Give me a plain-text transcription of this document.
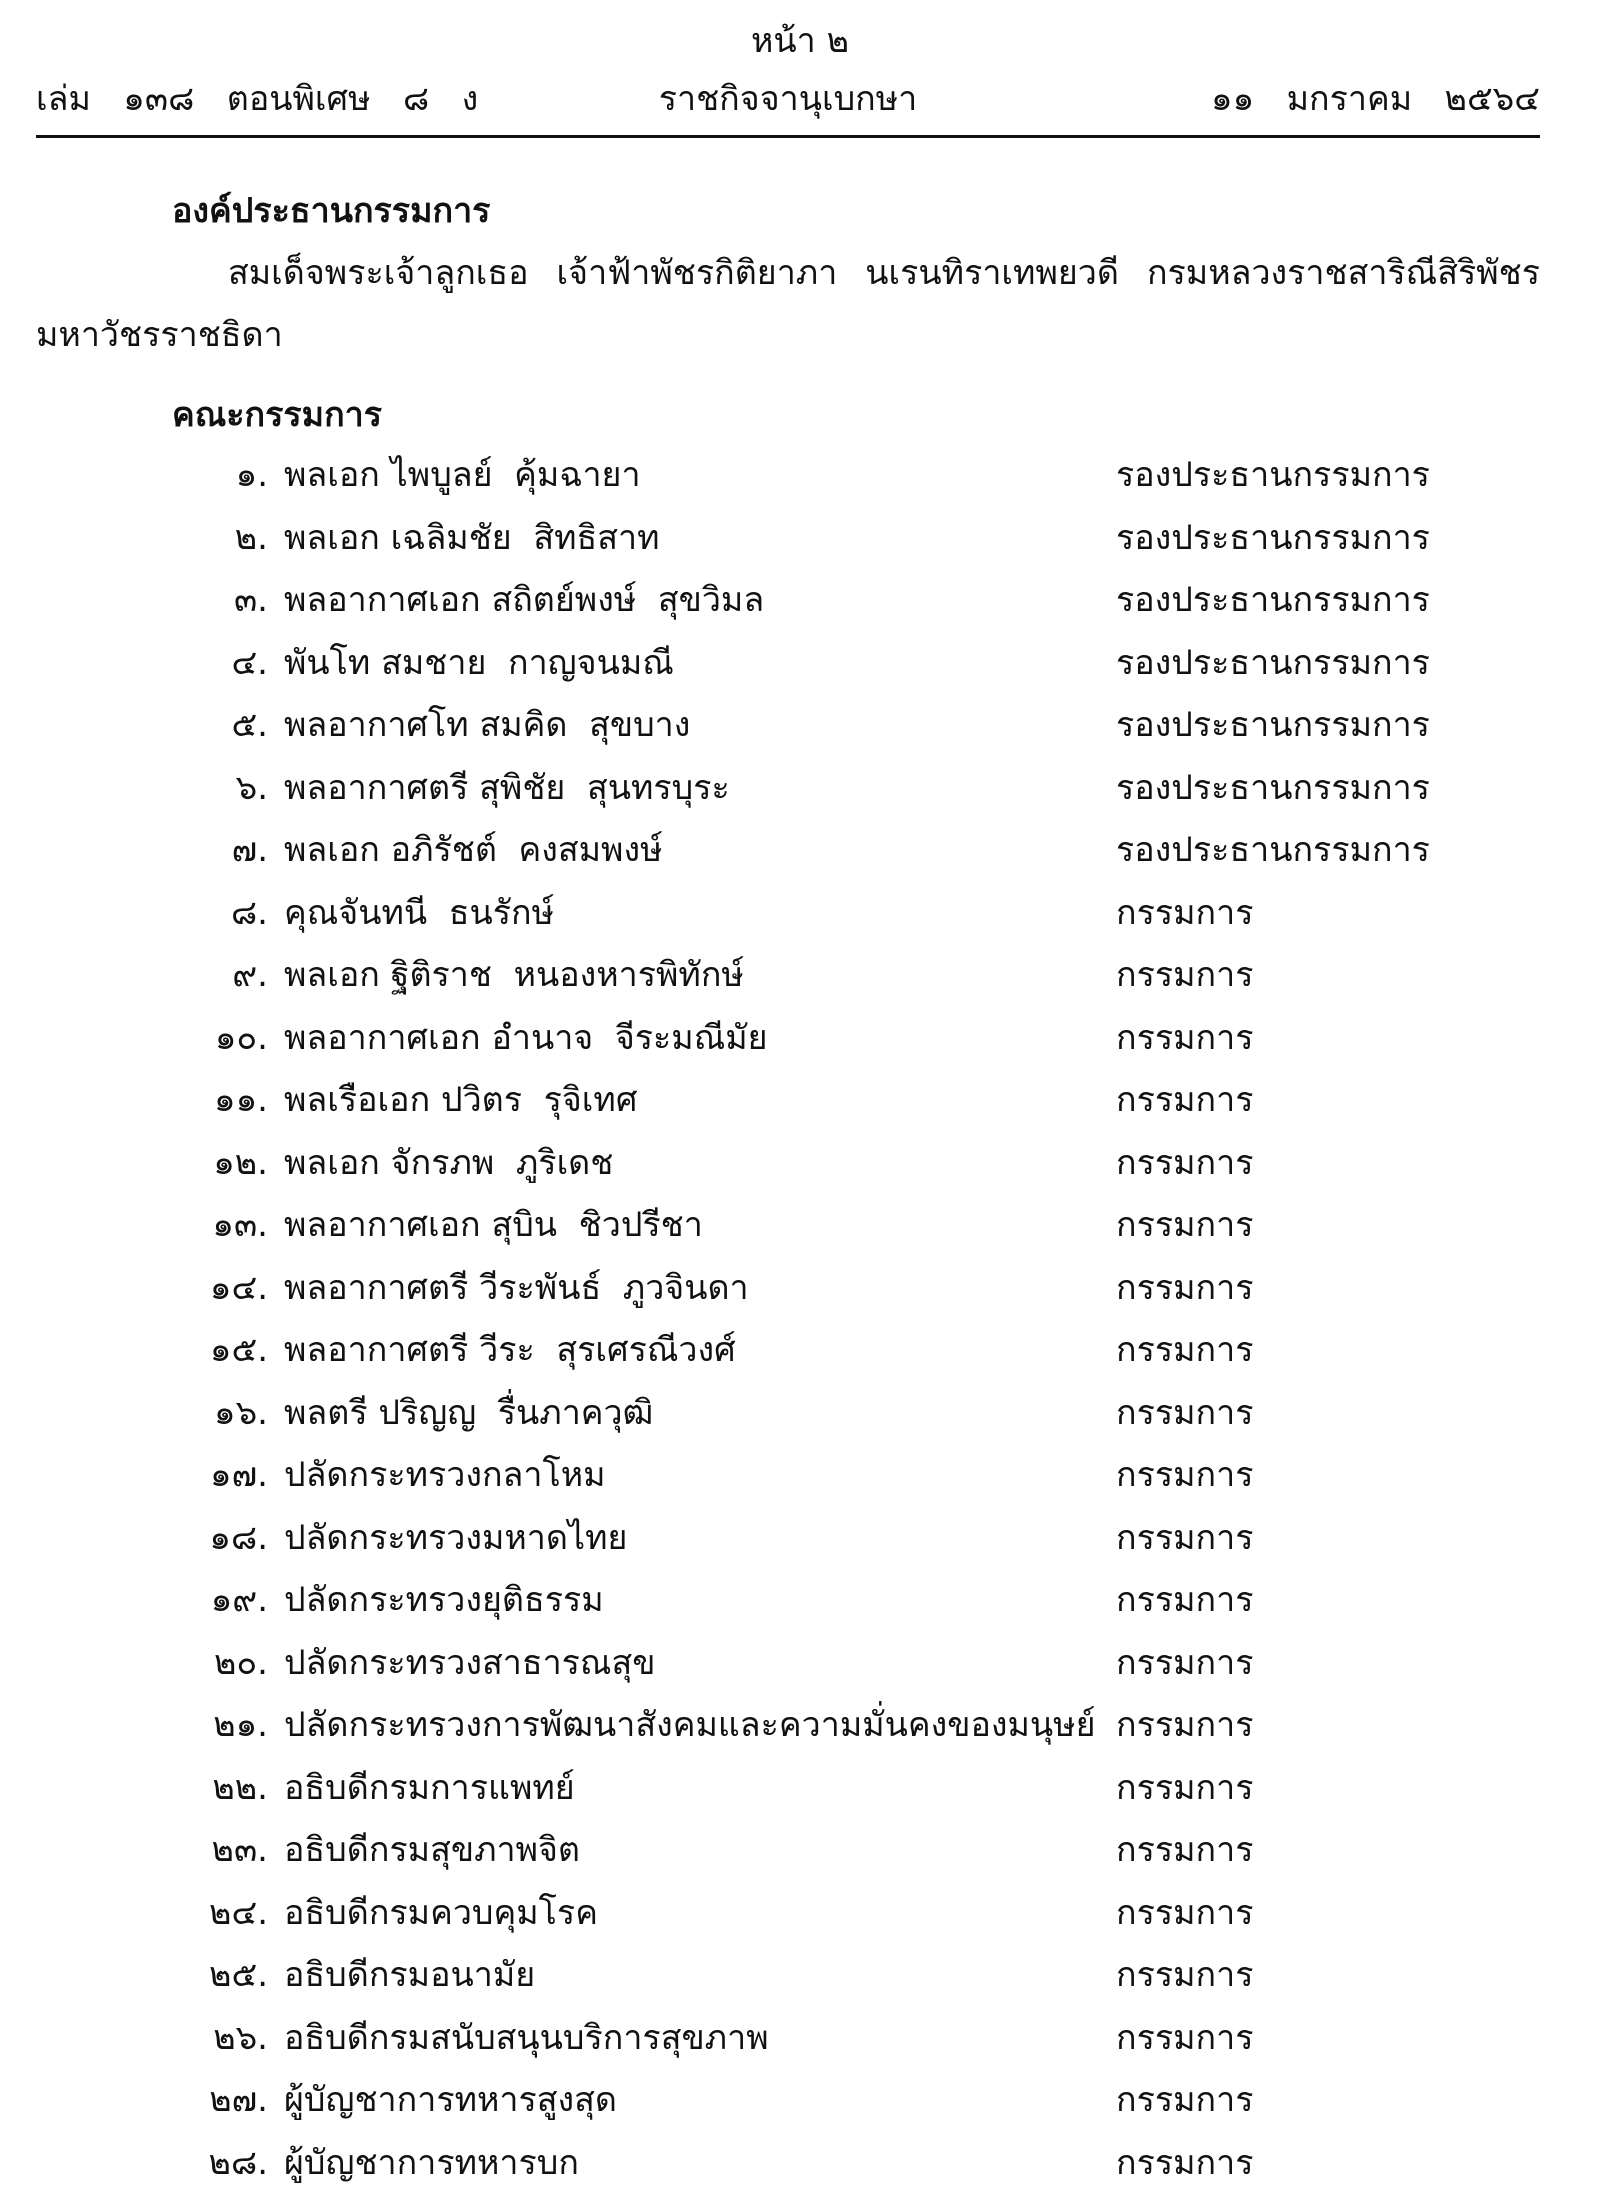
หน้า ๒
ราชกิจจานุเบกษา
เล่ม   ๑๓๘   ตอนพิเศษ   ๘   ง	๑๑   มกราคม   ๒๕๖๔
องค์ประธานกรรมการ
สมเด็จพระเจ้าลูกเธอ เจ้าฟ้าพัชรกิติยาภา นเรนทิราเทพยวดี กรมหลวงราชสาริณีสิริพัชร
มหาวัชรราชธิดา
คณะกรรมการ
๑. พลเอก ไพบูลย์  คุ้มฉายา	รองประธานกรรมการ
๒. พลเอก เฉลิมชัย  สิทธิสาท	รองประธานกรรมการ
๓. พลอากาศเอก สถิตย์พงษ์  สุขวิมล	รองประธานกรรมการ
๔. พันโท สมชาย  กาญจนมณี	รองประธานกรรมการ
๕. พลอากาศโท สมคิด  สุขบาง	รองประธานกรรมการ
๖. พลอากาศตรี สุพิชัย  สุนทรบุระ	รองประธานกรรมการ
๗. พลเอก อภิรัชต์  คงสมพงษ์	รองประธานกรรมการ
๘. คุณจันทนี  ธนรักษ์	กรรมการ
๙. พลเอก ฐิติราช  หนองหารพิทักษ์	กรรมการ
๑๐. พลอากาศเอก อำนาจ  จีระมณีมัย	กรรมการ
๑๑. พลเรือเอก ปวิตร  รุจิเทศ	กรรมการ
๑๒. พลเอก จักรภพ  ภูริเดช	กรรมการ
๑๓. พลอากาศเอก สุบิน  ชิวปรีชา	กรรมการ
๑๔. พลอากาศตรี วีระพันธ์  ภูวจินดา	กรรมการ
๑๕. พลอากาศตรี วีระ  สุรเศรณีวงศ์	กรรมการ
๑๖. พลตรี ปริญญ  รื่นภาควุฒิ	กรรมการ
๑๗. ปลัดกระทรวงกลาโหม	กรรมการ
๑๘. ปลัดกระทรวงมหาดไทย	กรรมการ
๑๙. ปลัดกระทรวงยุติธรรม	กรรมการ
๒๐. ปลัดกระทรวงสาธารณสุข	กรรมการ
๒๑. ปลัดกระทรวงการพัฒนาสังคมและความมั่นคงของมนุษย์ กรรมการ
๒๒. อธิบดีกรมการแพทย์	กรรมการ
๒๓. อธิบดีกรมสุขภาพจิต	กรรมการ
๒๔. อธิบดีกรมควบคุมโรค	กรรมการ
๒๕. อธิบดีกรมอนามัย	กรรมการ
๒๖. อธิบดีกรมสนับสนุนบริการสุขภาพ	กรรมการ
๒๗. ผู้บัญชาการทหารสูงสุด	กรรมการ
๒๘. ผู้บัญชาการทหารบก	กรรมการ
